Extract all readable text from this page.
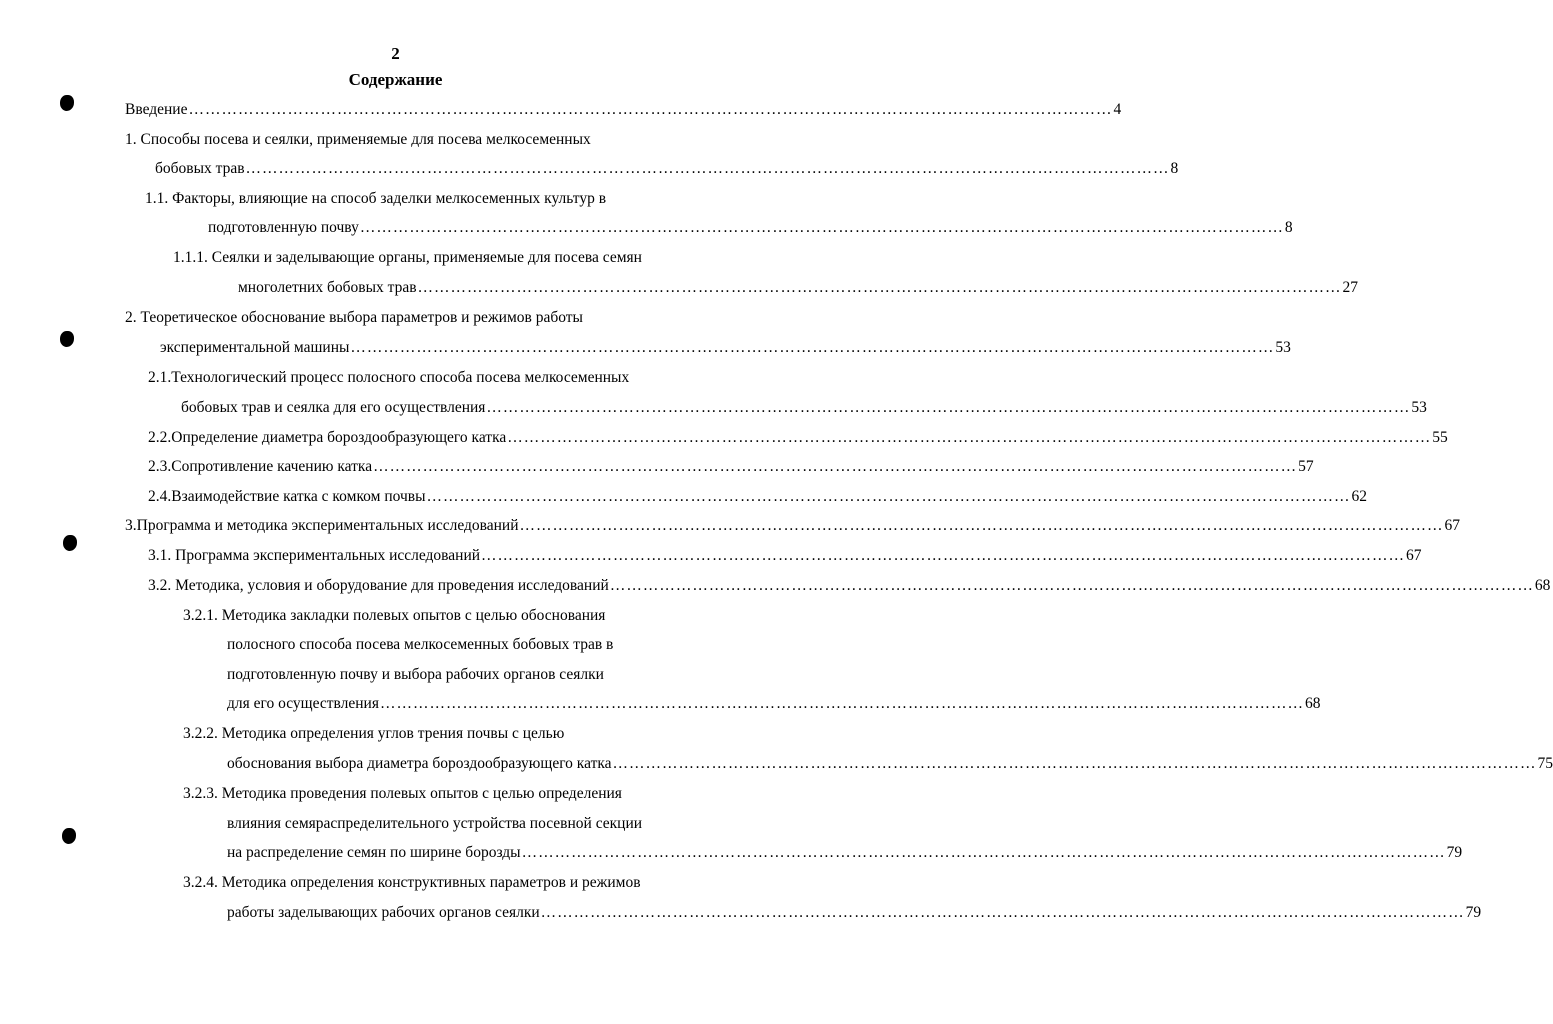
2
Содержание
Введение …………………………………………………………………………………………………………………………………………………… 4
1. Способы посева и сеялки, применяемые для посева мелкосеменных
бобовых трав …………………………………………………………………………………………………………………………………………………… 8
1.1. Факторы, влияющие на способ заделки мелкосеменных культур в
подготовленную почву …………………………………………………………………………………………………………………………………………………… 8
1.1.1. Сеялки и заделывающие органы, применяемые для посева семян
многолетних бобовых трав …………………………………………………………………………………………………………………………………………………… 27
2. Теоретическое обоснование выбора параметров и режимов работы
экспериментальной машины …………………………………………………………………………………………………………………………………………………… 53
2.1.Технологический процесс полосного способа посева мелкосеменных
бобовых трав и сеялка для его осуществления …………………………………………………………………………………………………………………………………………………… 53
2.2.Определение диаметра бороздообразующего катка …………………………………………………………………………………………………………………………………………………… 55
2.3.Сопротивление качению катка …………………………………………………………………………………………………………………………………………………… 57
2.4.Взаимодействие катка с комком почвы …………………………………………………………………………………………………………………………………………………… 62
3.Программа и методика экспериментальных исследований …………………………………………………………………………………………………………………………………………………… 67
3.1. Программа экспериментальных исследований …………………………………………………………………………………………………………………………………………………… 67
3.2. Методика, условия и оборудование для проведения исследований …………………………………………………………………………………………………………………………………………………… 68
3.2.1. Методика закладки полевых опытов с целью обоснования
полосного способа посева мелкосеменных бобовых трав в
подготовленную почву и выбора рабочих органов сеялки
для его осуществления …………………………………………………………………………………………………………………………………………………… 68
3.2.2. Методика определения углов трения почвы с целью
обоснования выбора диаметра бороздообразующего катка …………………………………………………………………………………………………………………………………………………… 75
3.2.3. Методика проведения полевых опытов с целью определения
влияния семяраспределительного устройства посевной секции
на распределение семян по ширине борозды …………………………………………………………………………………………………………………………………………………… 79
3.2.4. Методика определения конструктивных параметров и режимов
работы заделывающих рабочих органов сеялки …………………………………………………………………………………………………………………………………………………… 79
